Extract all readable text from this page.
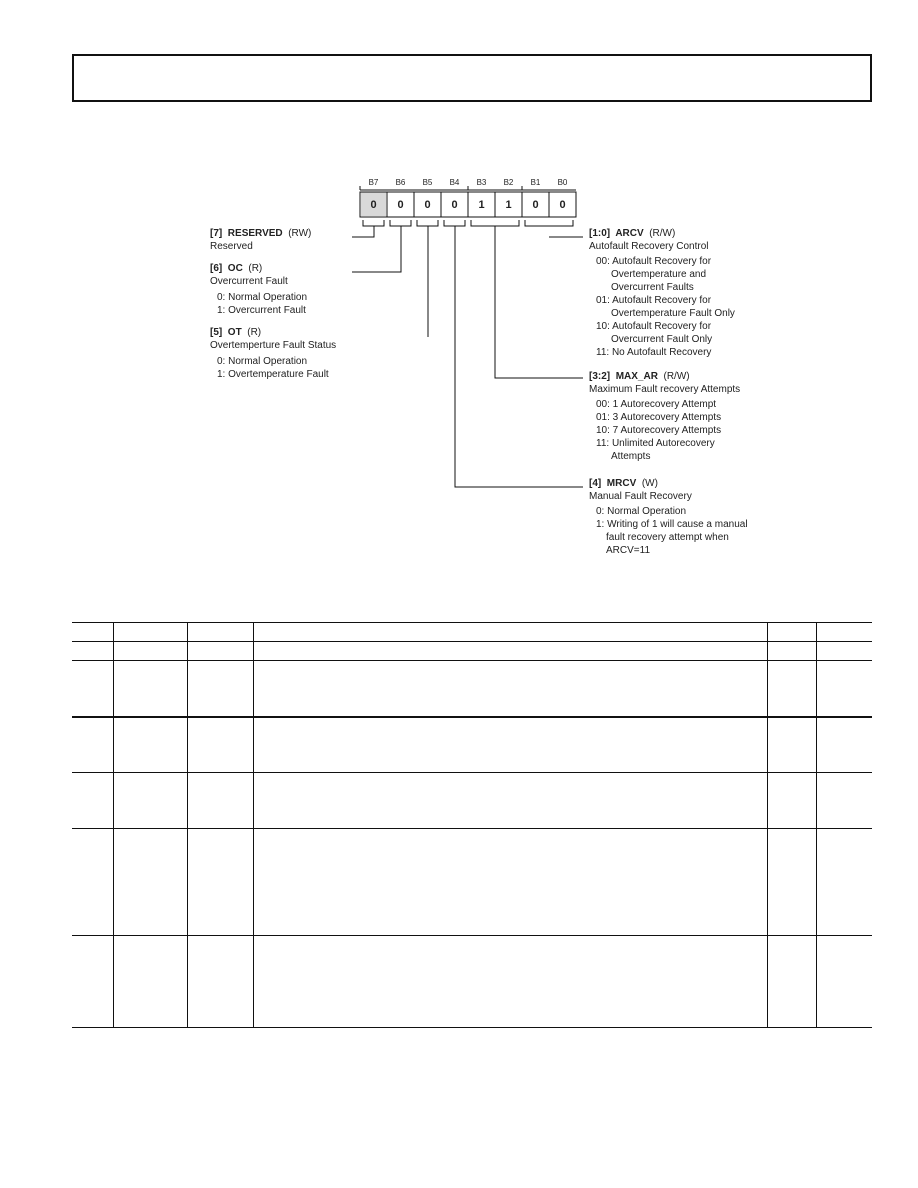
B7	B6	B5	B4	B3	B2	B1	B0
0	0	0	0	1	1	0	0
[7] RESERVED (RW)
Reserved
[6] OC (R)
Overcurrent Fault
0: Normal Operation
1: Overcurrent Fault
[5] OT (R)
Overtemperture Fault Status
0: Normal Operation
1: Overtemperature Fault
[1:0] ARCV (R/W)
Autofault Recovery Control
00: Autofault Recovery for
Overtemperature and
Overcurrent Faults
01: Autofault Recovery for
Overtemperature Fault Only
10: Autofault Recovery for
Overcurrent Fault Only
11: No Autofault Recovery
[3:2] MAX_AR (R/W)
Maximum Fault recovery Attempts
00: 1 Autorecovery Attempt
01: 3 Autorecovery Attempts
10: 7 Autorecovery Attempts
11: Unlimited Autorecovery
Attempts
[4] MRCV (W)
Manual Fault Recovery
0: Normal Operation
1: Writing of 1 will cause a manual
fault recovery attempt when
ARCV=11
